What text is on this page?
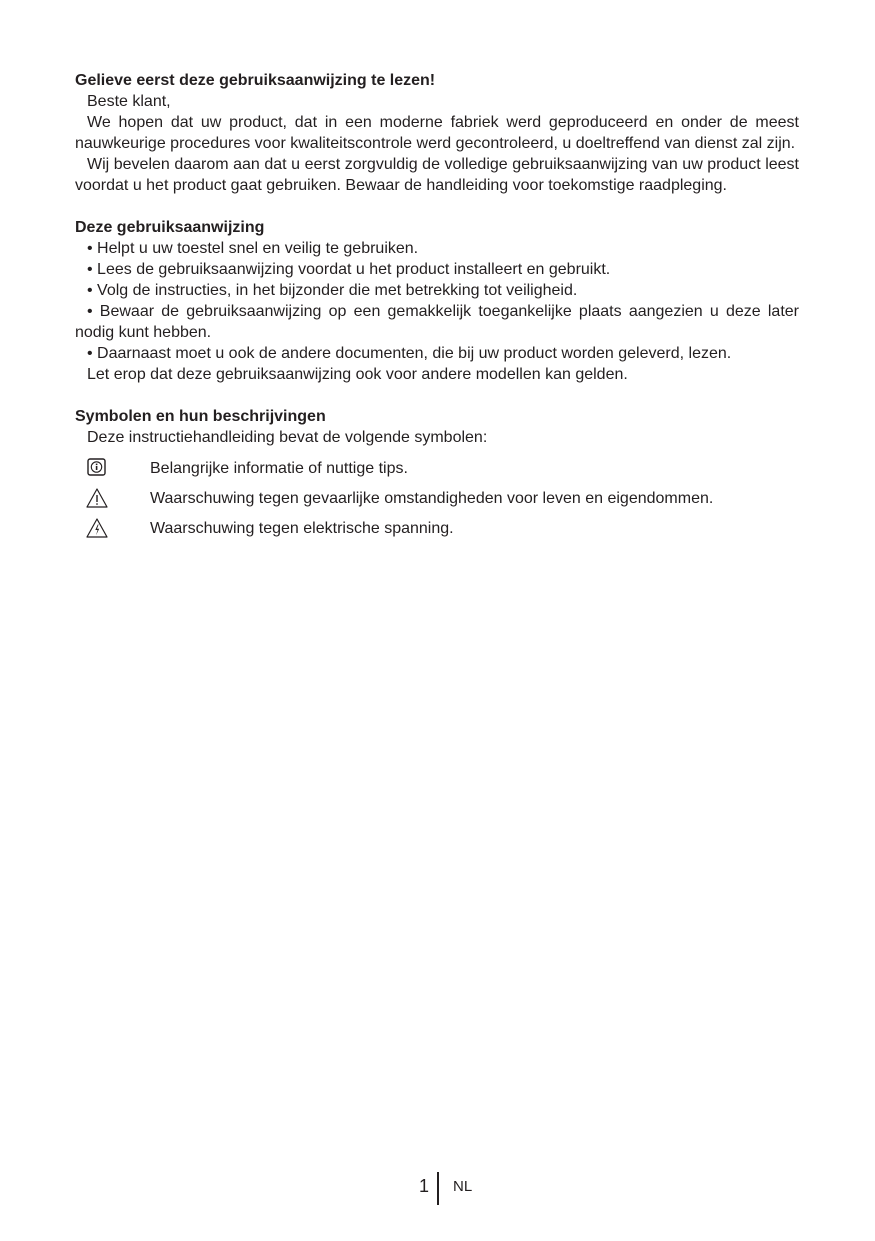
Gelieve eerst deze gebruiksaanwijzing te lezen!

Beste klant,

We hopen dat uw product, dat in een moderne fabriek werd geproduceerd en onder de meest nauwkeurige procedures voor kwaliteitscontrole werd gecontroleerd, u doeltreffend van dienst zal zijn.

Wij bevelen daarom aan dat u eerst zorgvuldig de volledige gebruiksaanwijzing van uw product leest voordat u het product gaat gebruiken. Bewaar de handleiding voor toekomstige raadpleging.

Deze gebruiksaanwijzing

• Helpt u uw toestel snel en veilig te gebruiken.

• Lees de gebruiksaanwijzing voordat u het product installeert en gebruikt.

• Volg de instructies, in het bijzonder die met betrekking tot veiligheid.

• Bewaar de gebruiksaanwijzing op een gemakkelijk toegankelijke plaats aangezien u deze later nodig kunt hebben.

• Daarnaast moet u ook de andere documenten, die bij uw product worden geleverd, lezen.

Let erop dat deze gebruiksaanwijzing ook voor andere modellen kan gelden.

Symbolen en hun beschrijvingen

Deze instructiehandleiding bevat de volgende symbolen:

Belangrijke informatie of nuttige tips.
Waarschuwing tegen gevaarlijke omstandigheden voor leven en eigendommen.
Waarschuwing tegen elektrische spanning.
1 NL
